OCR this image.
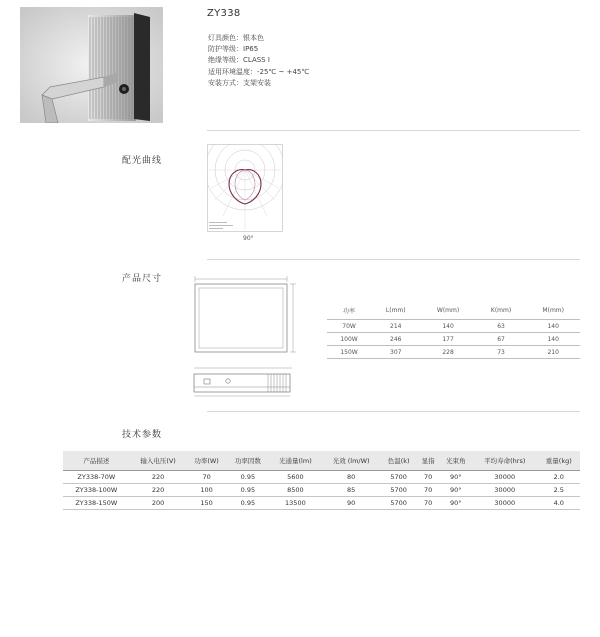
ZY338
灯具颜色：银本色
防护等级：IP65
绝缘等级：CLASS Ⅰ
适用环境温度：-25℃ ~ +45℃
安装方式：支架安装
配光曲线
90°
产品尺寸
功率	L(mm)	W(mm)	K(mm)	M(mm)
70W	214	140	63	140
100W	246	177	67	140
150W	307	228	73	210
技术参数
产品描述	输入电压(V)	功率(W)	功率因数	光通量(lm)	光效 (lm/W)	色温(k)	显指	光束角	平均寿命(hrs)	重量(kg)
ZY338-70W	220	70	0.95	5600	80	5700	70	90°	30000	2.0
ZY338-100W	220	100	0.95	8500	85	5700	70	90°	30000	2.5
ZY338-150W	200	150	0.95	13500	90	5700	70	90°	30000	4.0
